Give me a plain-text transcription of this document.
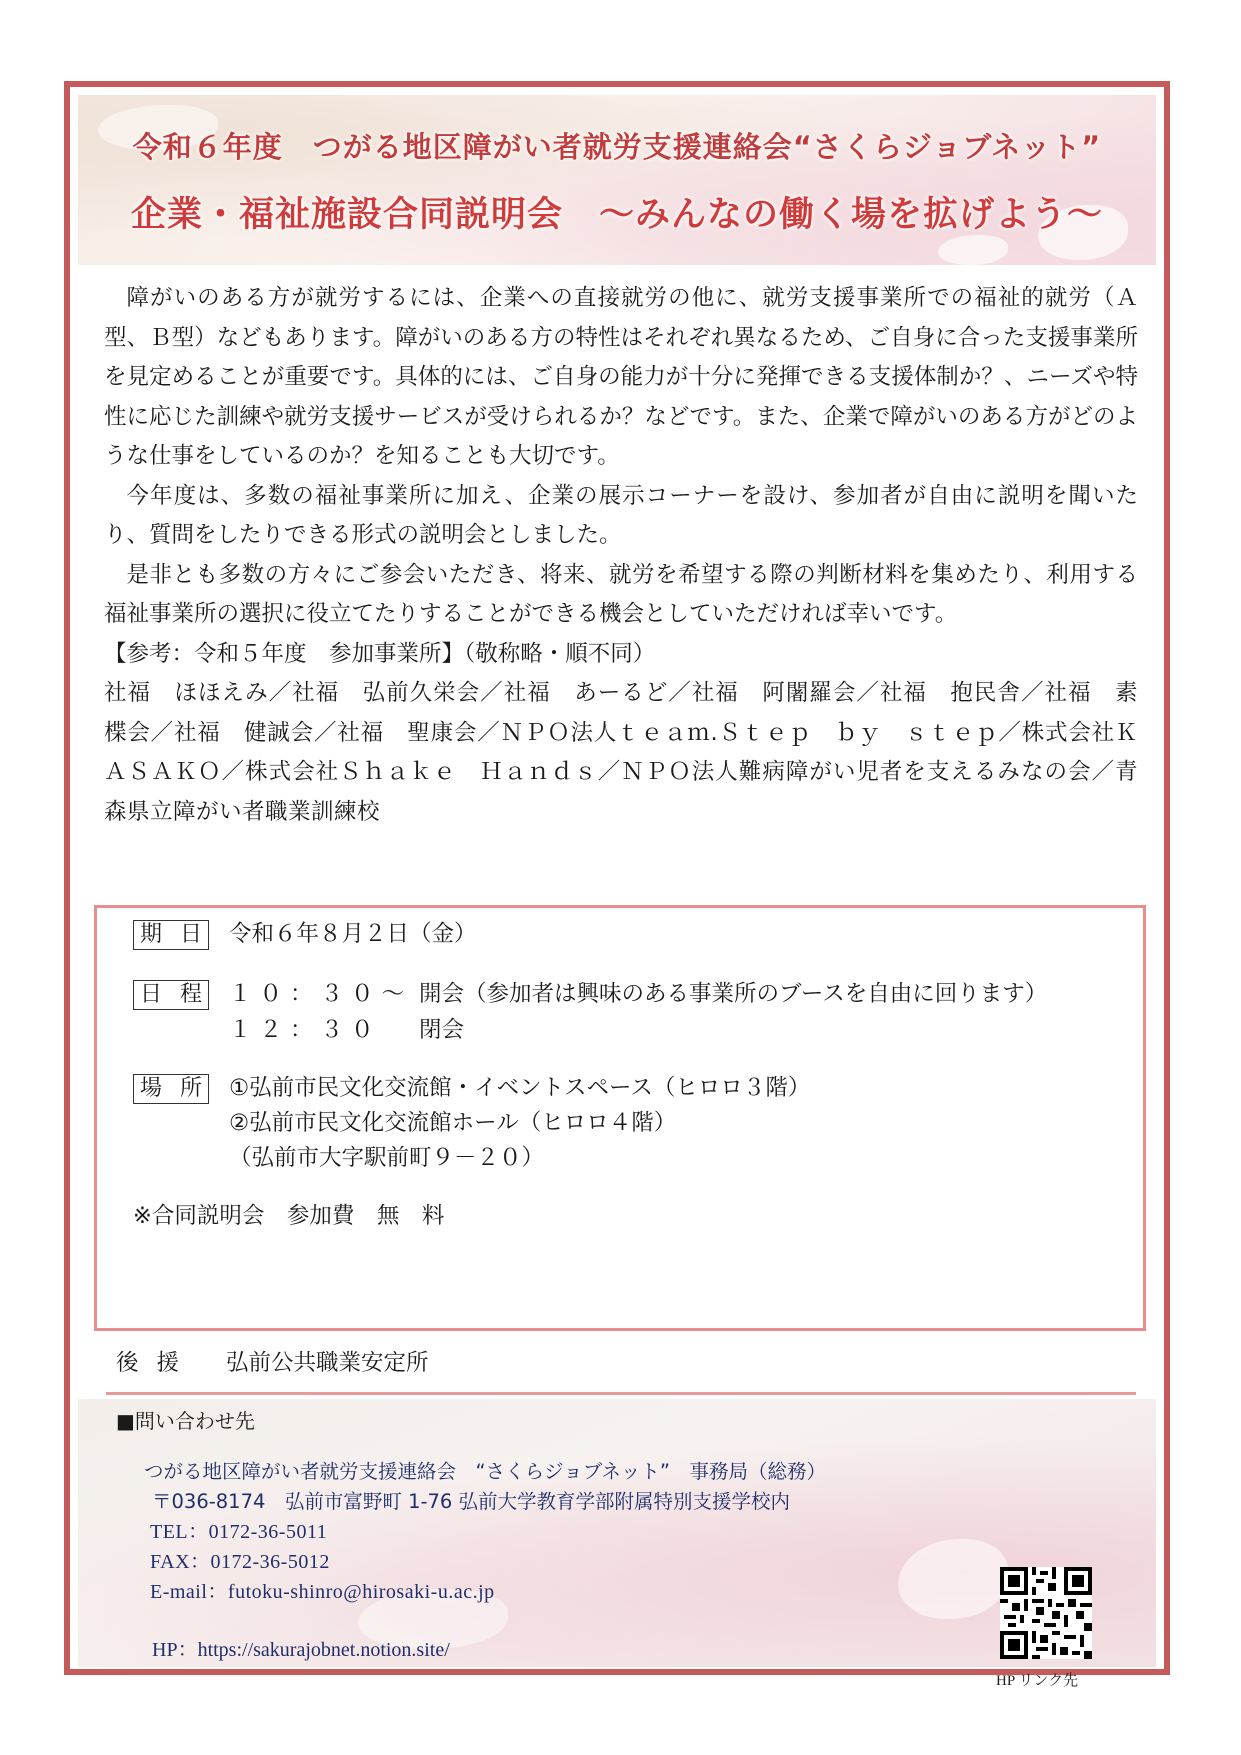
令和６年度　つがる地区障がい者就労支援連絡会“さくらジョブネット”
企業・福祉施設合同説明会　～みんなの働く場を拡げよう～

障がいのある方が就労するには、企業への直接就労の他に、就労支援事業所での福祉的就労（Ａ型、Ｂ型）などもあります。障がいのある方の特性はそれぞれ異なるため、ご自身に合った支援事業所を見定めることが重要です。具体的には、ご自身の能力が十分に発揮できる支援体制か？、ニーズや特性に応じた訓練や就労支援サービスが受けられるか？などです。また、企業で障がいのある方がどのような仕事をしているのか？を知ることも大切です。

今年度は、多数の福祉事業所に加え、企業の展示コーナーを設け、参加者が自由に説明を聞いたり、質問をしたりできる形式の説明会としました。

是非とも多数の方々にご参会いただき、将来、就労を希望する際の判断材料を集めたり、利用する福祉事業所の選択に役立てたりすることができる機会としていただければ幸いです。

【参考：令和５年度　参加事業所】（敬称略・順不同）
社福　ほほえみ／社福　弘前久栄会／社福　あーるど／社福　阿闍羅会／社福　抱民舎／社福　素楪会／社福　健誠会／社福　聖康会／ＮＰＯ法人ｔｅａｍ.Ｓｔｅｐ　ｂｙ　ｓｔｅｐ／株式会社ＫＡＳＡＫＯ／株式会社Ｓｈａｋｅ　Ｈａｎｄｓ／ＮＰＯ法人難病障がい児者を支えるみなの会／青森県立障がい者職業訓練校
期日	令和６年８月２日（金）
日程	１０：３０～ 開会（参加者は興味のある事業所のブースを自由に回ります）
１２：３０ 閉会
場所	①弘前市民文化交流館・イベントスペース（ヒロロ３階）
②弘前市民文化交流館ホール（ヒロロ４階）
（弘前市大字駅前町９－２０）
※合同説明会　参加費　無　料
後援 弘前公共職業安定所
■問い合わせ先
つがる地区障がい者就労支援連絡会　“さくらジョブネット”　事務局（総務）
〒036-8174　弘前市富野町 1-76 弘前大学教育学部附属特別支援学校内
TEL：0172-36-5011
FAX：0172-36-5012
E-mail：futoku-shinro@hirosaki-u.ac.jp
HP：https://sakurajobnet.notion.site/
HP リンク先
